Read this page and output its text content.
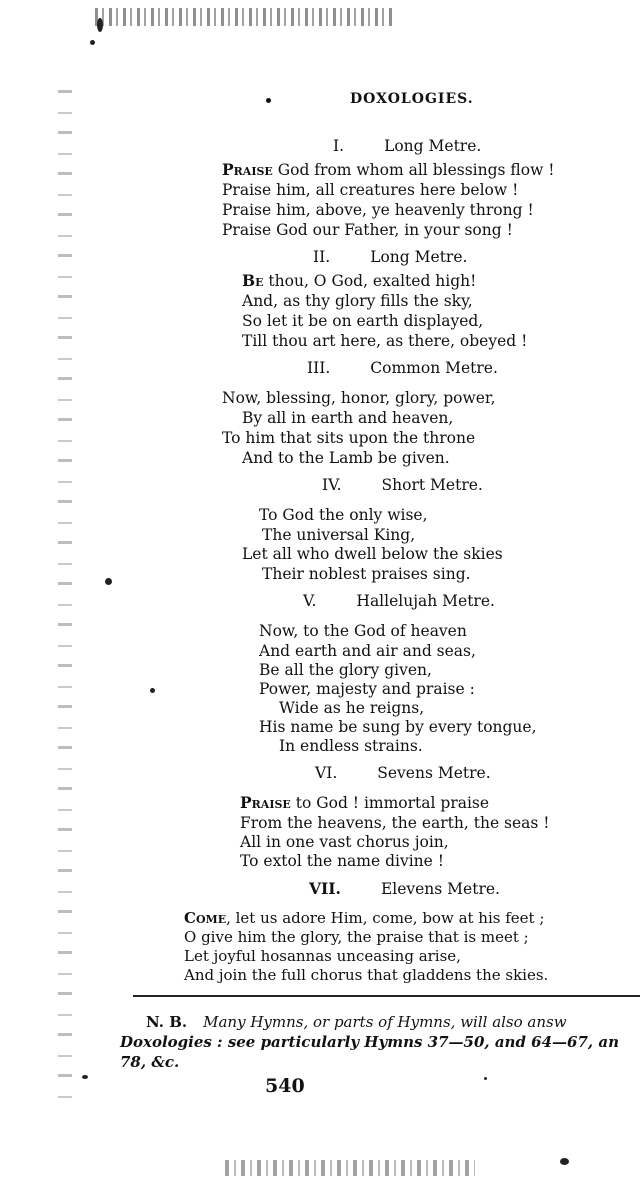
DOXOLOGIES.
I.	Long Metre.
Praise God from whom all blessings flow !
Praise him, all creatures here below !
Praise him, above, ye heavenly throng !
Praise God our Father, in your song !
II.	Long Metre.
Be thou, O God, exalted high!
And, as thy glory fills the sky,
So let it be on earth displayed,
Till thou art here, as there, obeyed !
III.	Common Metre.
Now, blessing, honor, glory, power,
By all in earth and heaven,
To him that sits upon the throne
And to the Lamb be given.
IV.	Short Metre.
To God the only wise,
The universal King,
Let all who dwell below the skies
Their noblest praises sing.
V.	Hallelujah Metre.
Now, to the God of heaven
And earth and air and seas,
Be all the glory given,
Power, majesty and praise :
Wide as he reigns,
His name be sung by every tongue,
In endless strains.
VI.	Sevens Metre.
Praise to God ! immortal praise
From the heavens, the earth, the seas !
All in one vast chorus join,
To extol the name divine !
VII.	Elevens Metre.
Come, let us adore Him, come, bow at his feet ;
O give him the glory, the praise that is meet ;
Let joyful hosannas unceasing arise,
And join the full chorus that gladdens the skies.
N. B. Many Hymns, or parts of Hymns, will also answ
Doxologies : see particularly Hymns 37—50, and 64—67, an
78, &c.
540
